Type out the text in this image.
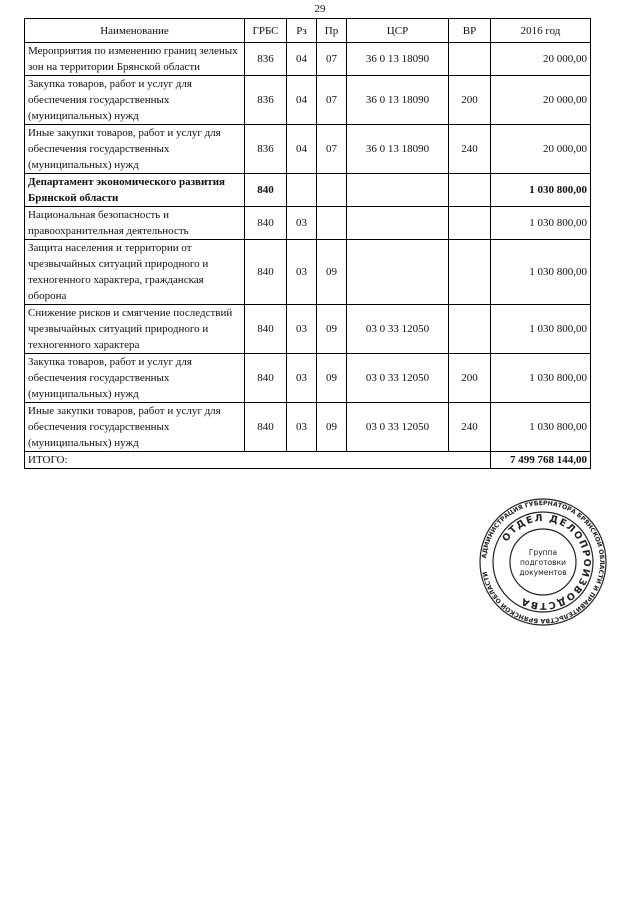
29
Наименование	ГРБС	Рз	Пр	ЦСР	ВР	2016 год
Мероприятия по изменению границ зеленых зон на территории Брянской области	836	04	07	36 0 13 18090		20 000,00
Закупка товаров, работ и услуг для обеспечения государственных (муниципальных) нужд	836	04	07	36 0 13 18090	200	20 000,00
Иные закупки товаров, работ и услуг для обеспечения государственных (муниципальных) нужд	836	04	07	36 0 13 18090	240	20 000,00
Департамент экономического развития Брянской области	840					1 030 800,00
Национальная безопасность и правоохранительная деятельность	840	03				1 030 800,00
Защита населения и территории от чрезвычайных ситуаций природного и техногенного характера, гражданская оборона	840	03	09			1 030 800,00
Снижение рисков и смягчение последствий чрезвычайных ситуаций природного и техногенного характера	840	03	09	03 0 33 12050		1 030 800,00
Закупка товаров, работ и услуг для обеспечения государственных (муниципальных) нужд	840	03	09	03 0 33 12050	200	1 030 800,00
Иные закупки товаров, работ и услуг для обеспечения государственных (муниципальных) нужд	840	03	09	03 0 33 12050	240	1 030 800,00
ИТОГО:						7 499 768 144,00
АДМИНИСТРАЦИЯ ГУБЕРНАТОРА БРЯНСКОЙ ОБЛАСТИ И ПРАВИТЕЛЬСТВА БРЯНСКОЙ ОБЛАСТИ
ОТДЕЛ ДЕЛОПРОИЗВОДСТВА
Группа
подготовки
документов
